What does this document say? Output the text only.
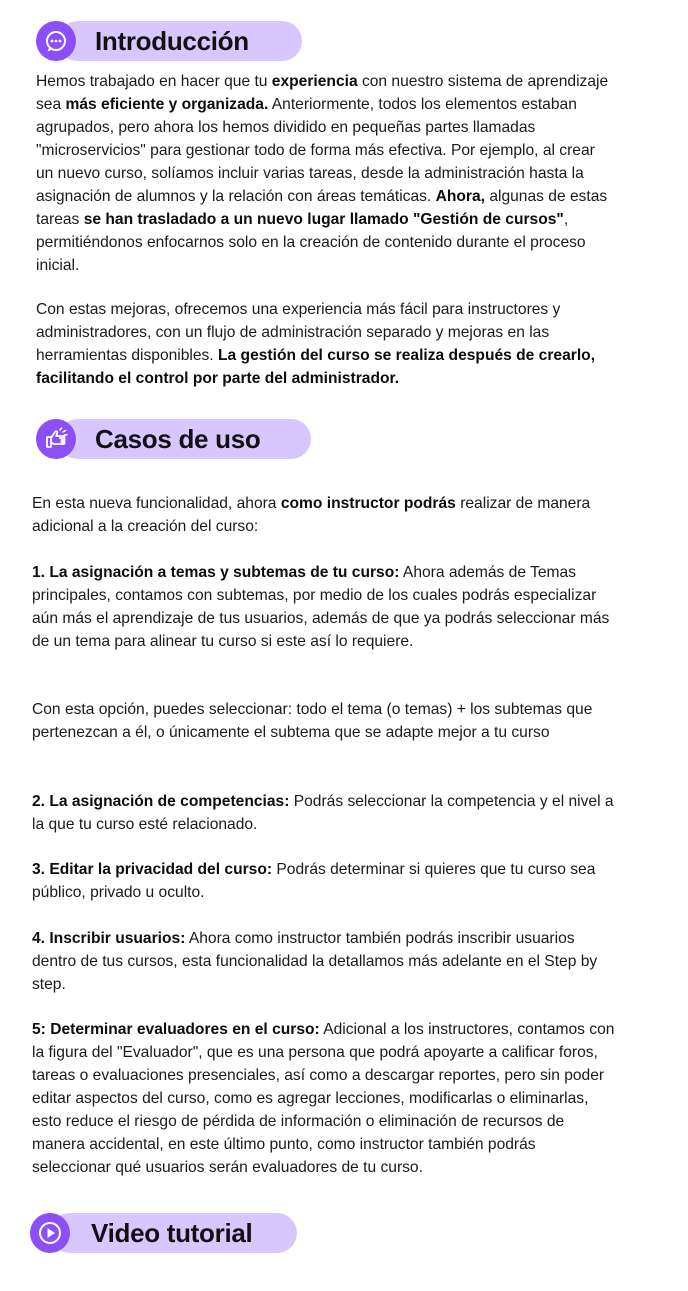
Introducción

Hemos trabajado en hacer que tu experiencia con nuestro sistema de aprendizaje sea más eficiente y organizada. Anteriormente, todos los elementos estaban agrupados, pero ahora los hemos dividido en pequeñas partes llamadas "microservicios" para gestionar todo de forma más efectiva. Por ejemplo, al crear un nuevo curso, solíamos incluir varias tareas, desde la administración hasta la asignación de alumnos y la relación con áreas temáticas. Ahora, algunas de estas tareas se han trasladado a un nuevo lugar llamado "Gestión de cursos", permitiéndonos enfocarnos solo en la creación de contenido durante el proceso inicial.

Con estas mejoras, ofrecemos una experiencia más fácil para instructores y administradores, con un flujo de administración separado y mejoras en las herramientas disponibles. La gestión del curso se realiza después de crearlo, facilitando el control por parte del administrador.

Casos de uso

En esta nueva funcionalidad, ahora como instructor podrás realizar de manera adicional a la creación del curso:

1. La asignación a temas y subtemas de tu curso: Ahora además de Temas principales, contamos con subtemas, por medio de los cuales podrás especializar aún más el aprendizaje de tus usuarios, además de que ya podrás seleccionar más de un tema para alinear tu curso si este así lo requiere.

Con esta opción, puedes seleccionar: todo el tema (o temas) + los subtemas que pertenezcan a él, o únicamente el subtema que se adapte mejor a tu curso

2. La asignación de competencias: Podrás seleccionar la competencia y el nivel a la que tu curso esté relacionado.

3. Editar la privacidad del curso: Podrás determinar si quieres que tu curso sea público, privado u oculto.

4. Inscribir usuarios: Ahora como instructor también podrás inscribir usuarios dentro de tus cursos, esta funcionalidad la detallamos más adelante en el Step by step.

5: Determinar evaluadores en el curso: Adicional a los instructores, contamos con la figura del "Evaluador", que es una persona que podrá apoyarte a calificar foros, tareas o evaluaciones presenciales, así como a descargar reportes, pero sin poder editar aspectos del curso, como es agregar lecciones, modificarlas o eliminarlas, esto reduce el riesgo de pérdida de información o eliminación de recursos de manera accidental, en este último punto, como instructor también podrás seleccionar qué usuarios serán evaluadores de tu curso.

Video tutorial
